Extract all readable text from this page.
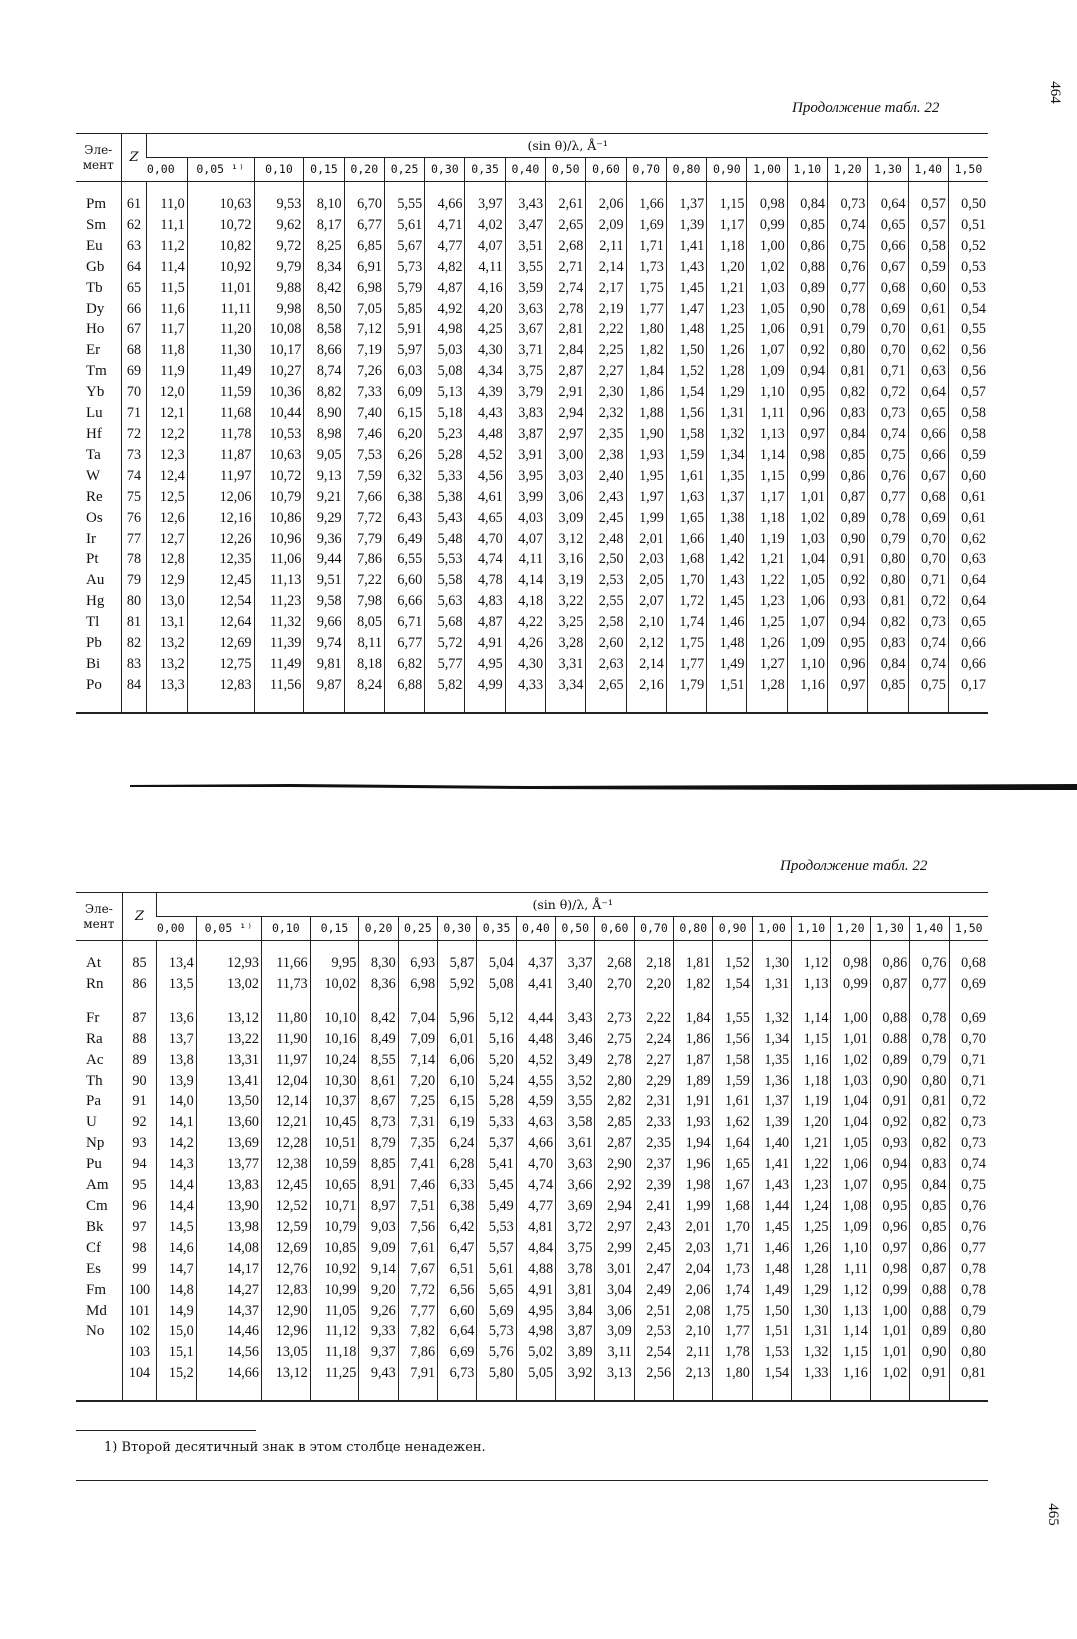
464
Продолжение табл. 22
Эле-
мент	Z	(sin θ)/λ, Å⁻¹																			
		0,00	0,05 ¹⁾	0,10	0,15	0,20	0,25	0,30	0,35	0,40	0,50	0,60	0,70	0,80	0,90	1,00	1,10	1,20	1,30	1,40	1,50
Pm	61	11,0	10,63	9,53	8,10	6,70	5,55	4,66	3,97	3,43	2,61	2,06	1,66	1,37	1,15	0,98	0,84	0,73	0,64	0,57	0,50
Sm	62	11,1	10,72	9,62	8,17	6,77	5,61	4,71	4,02	3,47	2,65	2,09	1,69	1,39	1,17	0,99	0,85	0,74	0,65	0,57	0,51
Eu	63	11,2	10,82	9,72	8,25	6,85	5,67	4,77	4,07	3,51	2,68	2,11	1,71	1,41	1,18	1,00	0,86	0,75	0,66	0,58	0,52
Gb	64	11,4	10,92	9,79	8,34	6,91	5,73	4,82	4,11	3,55	2,71	2,14	1,73	1,43	1,20	1,02	0,88	0,76	0,67	0,59	0,53
Tb	65	11,5	11,01	9,88	8,42	6,98	5,79	4,87	4,16	3,59	2,74	2,17	1,75	1,45	1,21	1,03	0,89	0,77	0,68	0,60	0,53
Dy	66	11,6	11,11	9,98	8,50	7,05	5,85	4,92	4,20	3,63	2,78	2,19	1,77	1,47	1,23	1,05	0,90	0,78	0,69	0,61	0,54
Ho	67	11,7	11,20	10,08	8,58	7,12	5,91	4,98	4,25	3,67	2,81	2,22	1,80	1,48	1,25	1,06	0,91	0,79	0,70	0,61	0,55
Er	68	11,8	11,30	10,17	8,66	7,19	5,97	5,03	4,30	3,71	2,84	2,25	1,82	1,50	1,26	1,07	0,92	0,80	0,70	0,62	0,56
Tm	69	11,9	11,49	10,27	8,74	7,26	6,03	5,08	4,34	3,75	2,87	2,27	1,84	1,52	1,28	1,09	0,94	0,81	0,71	0,63	0,56
Yb	70	12,0	11,59	10,36	8,82	7,33	6,09	5,13	4,39	3,79	2,91	2,30	1,86	1,54	1,29	1,10	0,95	0,82	0,72	0,64	0,57
Lu	71	12,1	11,68	10,44	8,90	7,40	6,15	5,18	4,43	3,83	2,94	2,32	1,88	1,56	1,31	1,11	0,96	0,83	0,73	0,65	0,58
Hf	72	12,2	11,78	10,53	8,98	7,46	6,20	5,23	4,48	3,87	2,97	2,35	1,90	1,58	1,32	1,13	0,97	0,84	0,74	0,66	0,58
Ta	73	12,3	11,87	10,63	9,05	7,53	6,26	5,28	4,52	3,91	3,00	2,38	1,93	1,59	1,34	1,14	0,98	0,85	0,75	0,66	0,59
W	74	12,4	11,97	10,72	9,13	7,59	6,32	5,33	4,56	3,95	3,03	2,40	1,95	1,61	1,35	1,15	0,99	0,86	0,76	0,67	0,60
Re	75	12,5	12,06	10,79	9,21	7,66	6,38	5,38	4,61	3,99	3,06	2,43	1,97	1,63	1,37	1,17	1,01	0,87	0,77	0,68	0,61
Os	76	12,6	12,16	10,86	9,29	7,72	6,43	5,43	4,65	4,03	3,09	2,45	1,99	1,65	1,38	1,18	1,02	0,89	0,78	0,69	0,61
Ir	77	12,7	12,26	10,96	9,36	7,79	6,49	5,48	4,70	4,07	3,12	2,48	2,01	1,66	1,40	1,19	1,03	0,90	0,79	0,70	0,62
Pt	78	12,8	12,35	11,06	9,44	7,86	6,55	5,53	4,74	4,11	3,16	2,50	2,03	1,68	1,42	1,21	1,04	0,91	0,80	0,70	0,63
Au	79	12,9	12,45	11,13	9,51	7,22	6,60	5,58	4,78	4,14	3,19	2,53	2,05	1,70	1,43	1,22	1,05	0,92	0,80	0,71	0,64
Hg	80	13,0	12,54	11,23	9,58	7,98	6,66	5,63	4,83	4,18	3,22	2,55	2,07	1,72	1,45	1,23	1,06	0,93	0,81	0,72	0,64
Tl	81	13,1	12,64	11,32	9,66	8,05	6,71	5,68	4,87	4,22	3,25	2,58	2,10	1,74	1,46	1,25	1,07	0,94	0,82	0,73	0,65
Pb	82	13,2	12,69	11,39	9,74	8,11	6,77	5,72	4,91	4,26	3,28	2,60	2,12	1,75	1,48	1,26	1,09	0,95	0,83	0,74	0,66
Bi	83	13,2	12,75	11,49	9,81	8,18	6,82	5,77	4,95	4,30	3,31	2,63	2,14	1,77	1,49	1,27	1,10	0,96	0,84	0,74	0,66
Po	84	13,3	12,83	11,56	9,87	8,24	6,88	5,82	4,99	4,33	3,34	2,65	2,16	1,79	1,51	1,28	1,16	0,97	0,85	0,75	0,17
Продолжение табл. 22
Эле-
мент	Z	(sin θ)/λ, Å⁻¹																			
		0,00	0,05 ¹⁾	0,10	0,15	0,20	0,25	0,30	0,35	0,40	0,50	0,60	0,70	0,80	0,90	1,00	1,10	1,20	1,30	1,40	1,50
At	85	13,4	12,93	11,66	9,95	8,30	6,93	5,87	5,04	4,37	3,37	2,68	2,18	1,81	1,52	1,30	1,12	0,98	0,86	0,76	0,68
Rn	86	13,5	13,02	11,73	10,02	8,36	6,98	5,92	5,08	4,41	3,40	2,70	2,20	1,82	1,54	1,31	1,13	0,99	0,87	0,77	0,69
Fr	87	13,6	13,12	11,80	10,10	8,42	7,04	5,96	5,12	4,44	3,43	2,73	2,22	1,84	1,55	1,32	1,14	1,00	0,88	0,78	0,69
Ra	88	13,7	13,22	11,90	10,16	8,49	7,09	6,01	5,16	4,48	3,46	2,75	2,24	1,86	1,56	1,34	1,15	1,01	0.88	0,78	0,70
Ac	89	13,8	13,31	11,97	10,24	8,55	7,14	6,06	5,20	4,52	3,49	2,78	2,27	1,87	1,58	1,35	1,16	1,02	0,89	0,79	0,71
Th	90	13,9	13,41	12,04	10,30	8,61	7,20	6,10	5,24	4,55	3,52	2,80	2,29	1,89	1,59	1,36	1,18	1,03	0,90	0,80	0,71
Pa	91	14,0	13,50	12,14	10,37	8,67	7,25	6,15	5,28	4,59	3,55	2,82	2,31	1,91	1,61	1,37	1,19	1,04	0,91	0,81	0,72
U	92	14,1	13,60	12,21	10,45	8,73	7,31	6,19	5,33	4,63	3,58	2,85	2,33	1,93	1,62	1,39	1,20	1,04	0,92	0,82	0,73
Np	93	14,2	13,69	12,28	10,51	8,79	7,35	6,24	5,37	4,66	3,61	2,87	2,35	1,94	1,64	1,40	1,21	1,05	0,93	0,82	0,73
Pu	94	14,3	13,77	12,38	10,59	8,85	7,41	6,28	5,41	4,70	3,63	2,90	2,37	1,96	1,65	1,41	1,22	1,06	0,94	0,83	0,74
Am	95	14,4	13,83	12,45	10,65	8,91	7,46	6,33	5,45	4,74	3,66	2,92	2,39	1,98	1,67	1,43	1,23	1,07	0,95	0,84	0,75
Cm	96	14,4	13,90	12,52	10,71	8,97	7,51	6,38	5,49	4,77	3,69	2,94	2,41	1,99	1,68	1,44	1,24	1,08	0,95	0,85	0,76
Bk	97	14,5	13,98	12,59	10,79	9,03	7,56	6,42	5,53	4,81	3,72	2,97	2,43	2,01	1,70	1,45	1,25	1,09	0,96	0,85	0,76
Cf	98	14,6	14,08	12,69	10,85	9,09	7,61	6,47	5,57	4,84	3,75	2,99	2,45	2,03	1,71	1,46	1,26	1,10	0,97	0,86	0,77
Es	99	14,7	14,17	12,76	10,92	9,14	7,67	6,51	5,61	4,88	3,78	3,01	2,47	2,04	1,73	1,48	1,28	1,11	0,98	0,87	0,78
Fm	100	14,8	14,27	12,83	10,99	9,20	7,72	6,56	5,65	4,91	3,81	3,04	2,49	2,06	1,74	1,49	1,29	1,12	0,99	0,88	0,78
Md	101	14,9	14,37	12,90	11,05	9,26	7,77	6,60	5,69	4,95	3,84	3,06	2,51	2,08	1,75	1,50	1,30	1,13	1,00	0,88	0,79
No	102	15,0	14,46	12,96	11,12	9,33	7,82	6,64	5,73	4,98	3,87	3,09	2,53	2,10	1,77	1,51	1,31	1,14	1,01	0,89	0,80
	103	15,1	14,56	13,05	11,18	9,37	7,86	6,69	5,76	5,02	3,89	3,11	2,54	2,11	1,78	1,53	1,32	1,15	1,01	0,90	0,80
	104	15,2	14,66	13,12	11,25	9,43	7,91	6,73	5,80	5,05	3,92	3,13	2,56	2,13	1,80	1,54	1,33	1,16	1,02	0,91	0,81
1) Второй десятичный знак в этом столбце ненадежен.
465
